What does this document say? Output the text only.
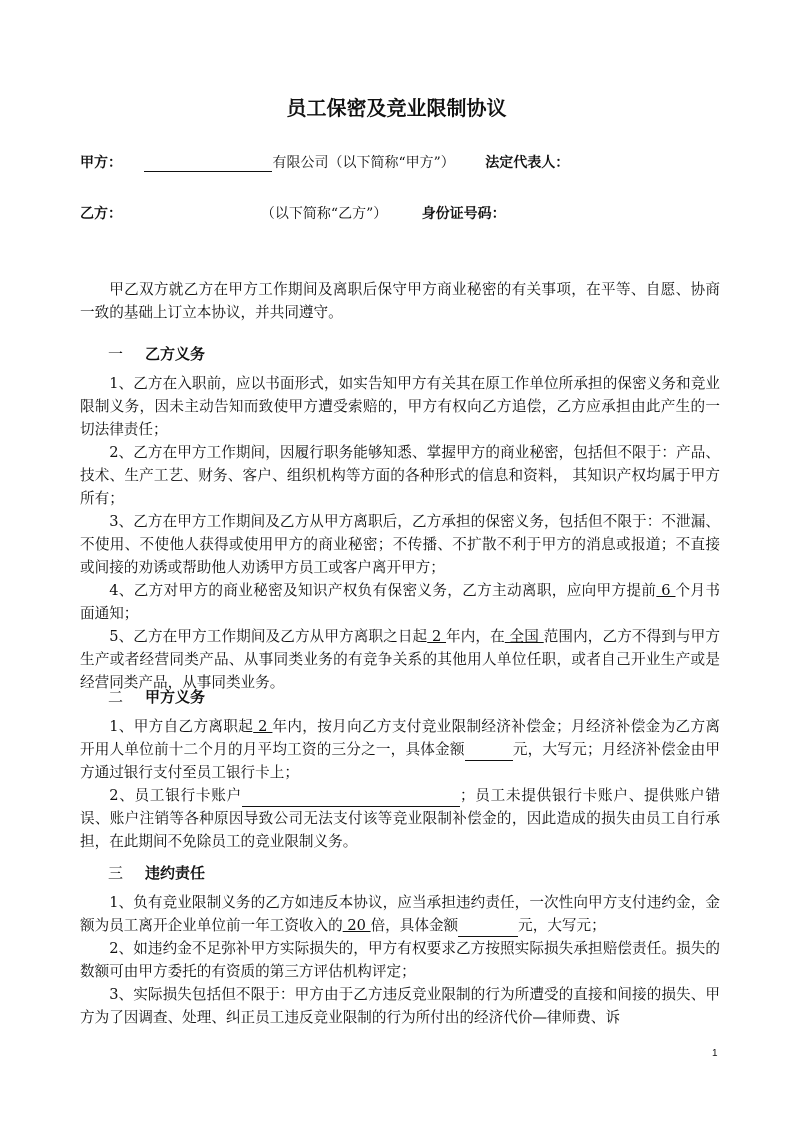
员工保密及竞业限制协议
甲方：	有限公司（以下简称“甲方”） 法定代表人：
乙方：	（以下简称“乙方”） 身份证号码：
甲乙双方就乙方在甲方工作期间及离职后保守甲方商业秘密的有关事项，在平等、自愿、协商一致的基础上订立本协议，并共同遵守。
一 乙方义务
1、乙方在入职前，应以书面形式，如实告知甲方有关其在原工作单位所承担的保密义务和竞业限制义务，因未主动告知而致使甲方遭受索赔的，甲方有权向乙方追偿，乙方应承担由此产生的一切法律责任；
2、乙方在甲方工作期间，因履行职务能够知悉、掌握甲方的商业秘密，包括但不限于：产品、技术、生产工艺、财务、客户、组织机构等方面的各种形式的信息和资料， 其知识产权均属于甲方所有；
3、乙方在甲方工作期间及乙方从甲方离职后，乙方承担的保密义务，包括但不限于：不泄漏、不使用、不使他人获得或使用甲方的商业秘密；不传播、不扩散不利于甲方的消息或报道；不直接或间接的劝诱或帮助他人劝诱甲方员工或客户离开甲方；
4、乙方对甲方的商业秘密及知识产权负有保密义务，乙方主动离职，应向甲方提前 6 个月书面通知；
5、乙方在甲方工作期间及乙方从甲方离职之日起 2 年内，在 全国 范围内，乙方不得到与甲方生产或者经营同类产品、从事同类业务的有竞争关系的其他用人单位任职，或者自己开业生产或是经营同类产品，从事同类业务。
二 甲方义务
1、甲方自乙方离职起 2 年内，按月向乙方支付竞业限制经济补偿金；月经济补偿金为乙方离开用人单位前十二个月的月平均工资的三分之一，具体金额	元，大写元；月经济补偿金由甲方通过银行支付至员工银行卡上；
2、员工银行卡账户	；员工未提供银行卡账户、提供账户错误、账户注销等各种原因导致公司无法支付该等竞业限制补偿金的，因此造成的损失由员工自行承担，在此期间不免除员工的竞业限制义务。
三 违约责任
1、负有竞业限制义务的乙方如违反本协议，应当承担违约责任，一次性向甲方支付违约金，金额为员工离开企业单位前一年工资收入的 20 倍，具体金额	元，大写元；
2、如违约金不足弥补甲方实际损失的，甲方有权要求乙方按照实际损失承担赔偿责任。损失的数额可由甲方委托的有资质的第三方评估机构评定；
3、实际损失包括但不限于：甲方由于乙方违反竞业限制的行为所遭受的直接和间接的损失、甲方为了因调查、处理、纠正员工违反竞业限制的行为所付出的经济代价—律师费、诉
1
